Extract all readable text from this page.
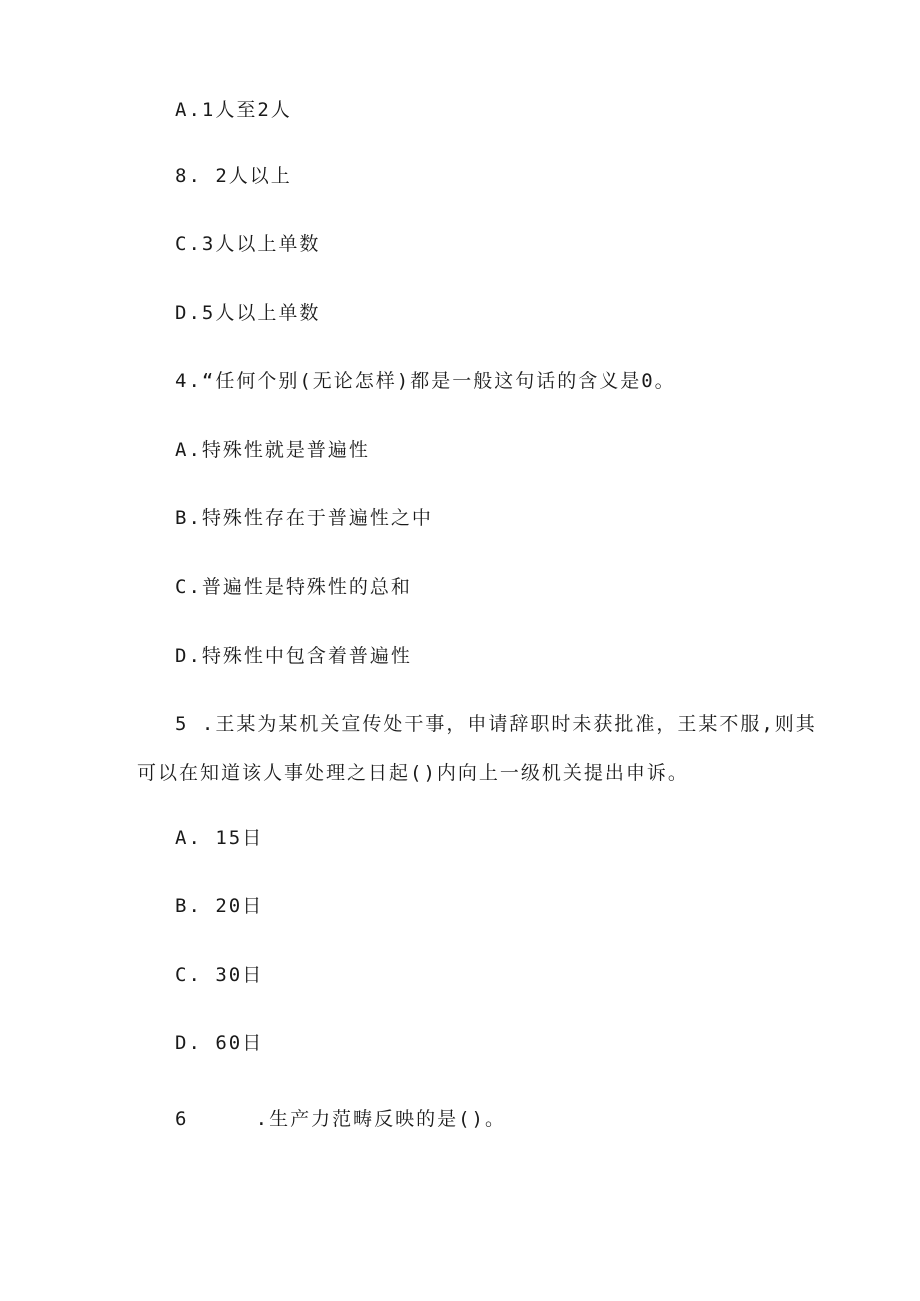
A.1人至2人
8. 2人以上
C.3人以上单数
D.5人以上单数
4.“任何个别(无论怎样)都是一般这句话的含义是0。
A.特殊性就是普遍性
B.特殊性存在于普遍性之中
C.普遍性是特殊性的总和
D.特殊性中包含着普遍性
5 .王某为某机关宣传处干事，申请辞职时未获批准，王某不服,则其
可以在知道该人事处理之日起()内向上一级机关提出申诉。
A. 15日
B. 20日
C. 30日
D. 60日
6     .生产力范畴反映的是()。
